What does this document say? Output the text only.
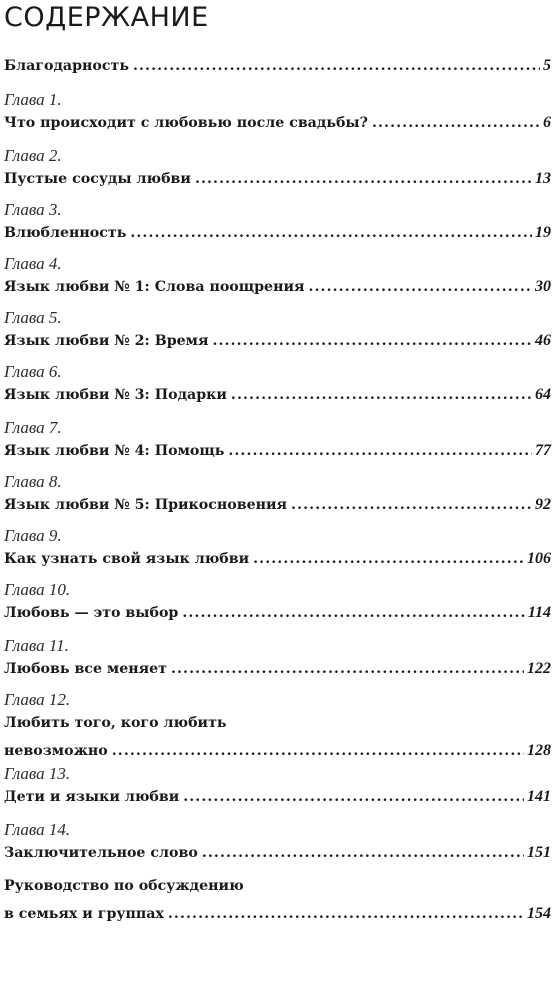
СОДЕРЖАНИЕ
Благодарность .....	5
Глава 1.
Что происходит с любовью после свадьбы? .....	6
Глава 2.
Пустые сосуды любви .....	13
Глава 3.
Влюбленность .....	19
Глава 4.
Язык любви № 1: Слова поощрения .....	30
Глава 5.
Язык любви № 2: Время .....	46
Глава 6.
Язык любви № 3: Подарки .....	64
Глава 7.
Язык любви № 4: Помощь .....	77
Глава 8.
Язык любви № 5: Прикосновения .....	92
Глава 9.
Как узнать свой язык любви .....	106
Глава 10.
Любовь — это выбор .....	114
Глава 11.
Любовь все меняет .....	122
Глава 12.
Любить того, кого любить
невозможно .....	128
Глава 13.
Дети и языки любви .....	141
Глава 14.
Заключительное слово .....	151
Руководство по обсуждению
в семьях и группах .....	154
